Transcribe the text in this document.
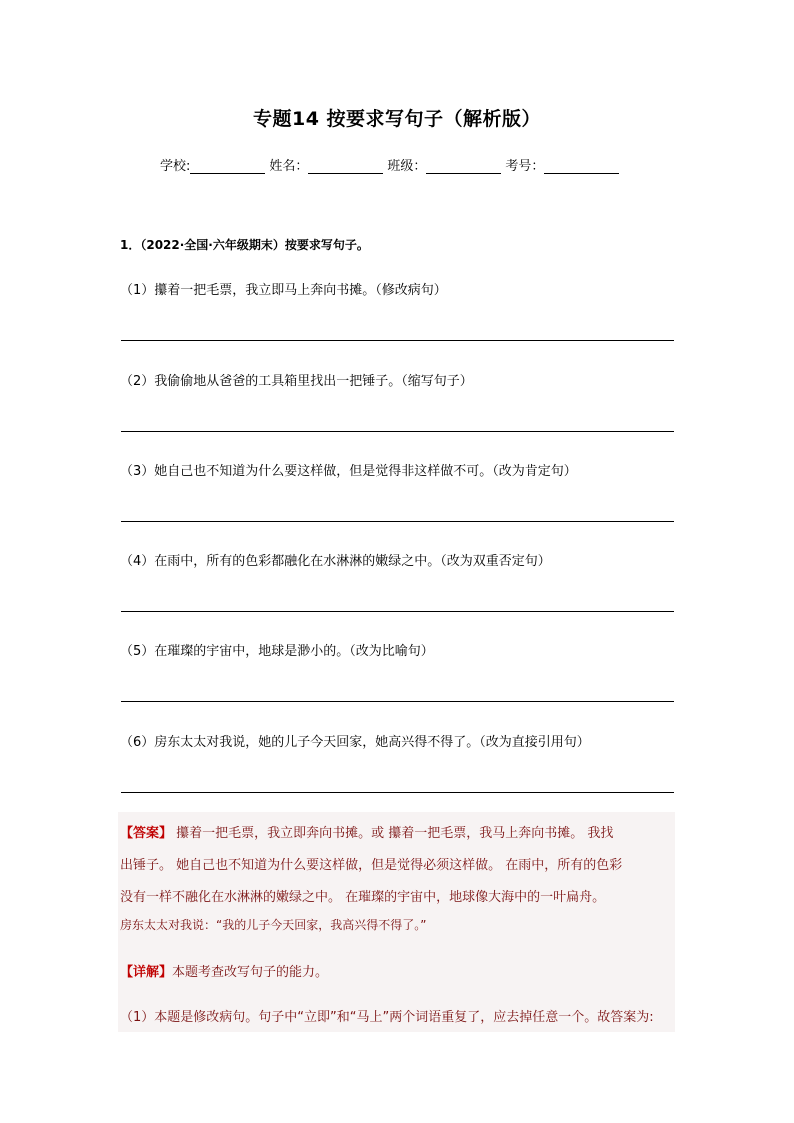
专题14 按要求写句子（解析版）
学校:	姓名：	班级：	考号：
1．（2022·全国·六年级期末）按要求写句子。
（1）攥着一把毛票，我立即马上奔向书摊。（修改病句）
（2）我偷偷地从爸爸的工具箱里找出一把锤子。（缩写句子）
（3）她自己也不知道为什么要这样做，但是觉得非这样做不可。（改为肯定句）
（4）在雨中，所有的色彩都融化在水淋淋的嫩绿之中。（改为双重否定句）
（5）在璀璨的宇宙中，地球是渺小的。（改为比喻句）
（6）房东太太对我说，她的儿子今天回家，她高兴得不得了。（改为直接引用句）
【答案】 攥着一把毛票，我立即奔向书摊。或 攥着一把毛票，我马上奔向书摊。 我找
出锤子。 她自己也不知道为什么要这样做，但是觉得必须这样做。 在雨中，所有的色彩
没有一样不融化在水淋淋的嫩绿之中。 在璀璨的宇宙中，地球像大海中的一叶扁舟。
房东太太对我说：“我的儿子今天回家，我高兴得不得了。”
【详解】本题考查改写句子的能力。
（1）本题是修改病句。句子中“立即”和“马上”两个词语重复了，应去掉任意一个。故答案为:
